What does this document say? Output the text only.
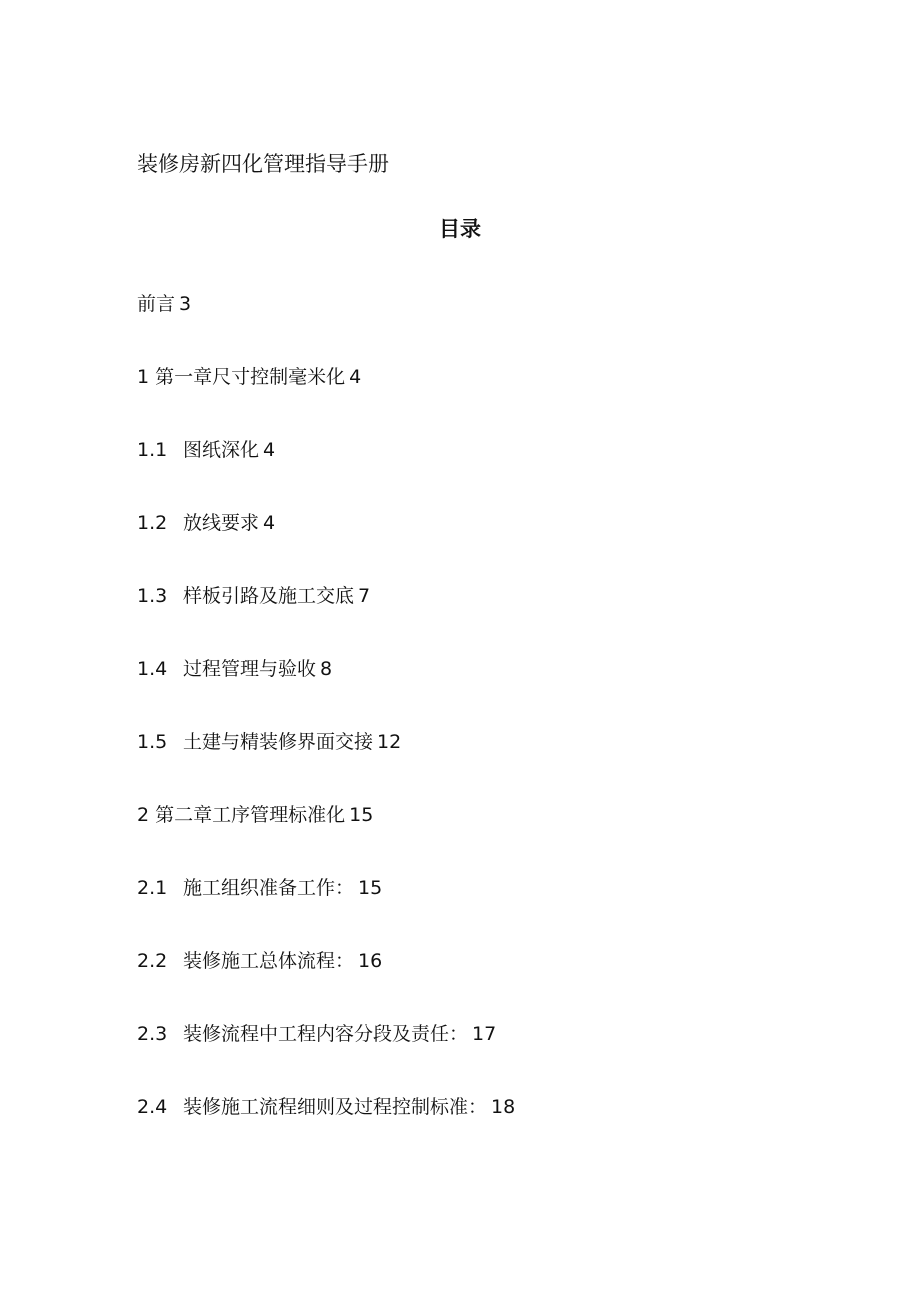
装修房新四化管理指导手册
目录
前言 3
1 第一章尺寸控制毫米化 4
1.1 图纸深化 4
1.2 放线要求 4
1.3 样板引路及施工交底 7
1.4 过程管理与验收 8
1.5 土建与精装修界面交接 12
2 第二章工序管理标准化 15
2.1 施工组织准备工作： 15
2.2 装修施工总体流程： 16
2.3 装修流程中工程内容分段及责任： 17
2.4 装修施工流程细则及过程控制标准： 18
